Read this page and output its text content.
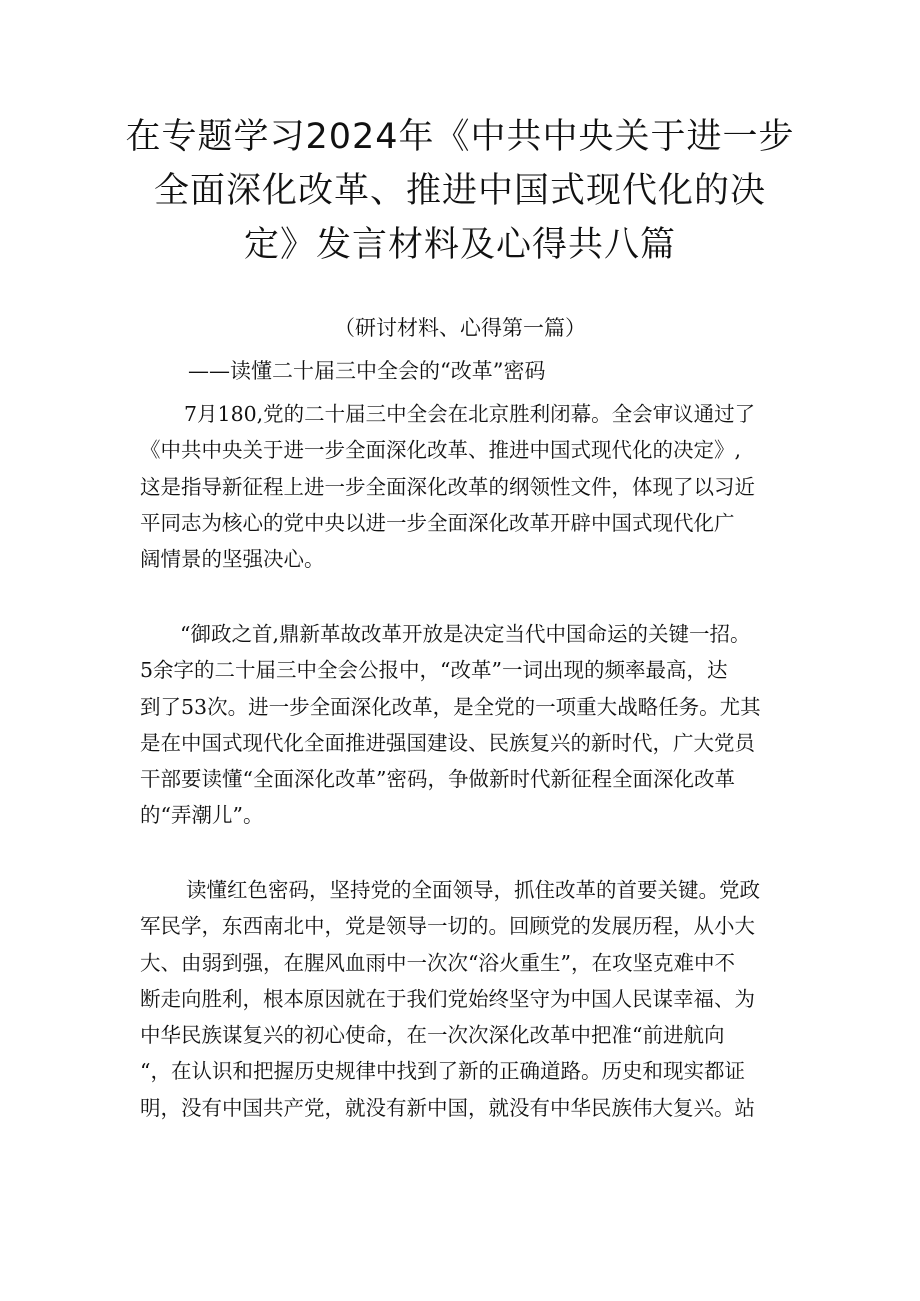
在专题学习2024年《中共中央关于进一步
全面深化改革、推进中国式现代化的决
定》发言材料及心得共八篇
（研讨材料、心得第一篇）
——读懂二十届三中全会的“改革”密码
7月180,党的二十届三中全会在北京胜利闭幕。全会审议通过了
《中共中央关于进一步全面深化改革、推进中国式现代化的决定》,
这是指导新征程上进一步全面深化改革的纲领性文件，体现了以习近
平同志为核心的党中央以进一步全面深化改革开辟中国式现代化广
阔情景的坚强决心。
“御政之首,鼎新革故改革开放是决定当代中国命运的关键一招。
5余字的二十届三中全会公报中，“改革”一词出现的频率最高，达
到了53次。进一步全面深化改革，是全党的一项重大战略任务。尤其
是在中国式现代化全面推进强国建设、民族复兴的新时代，广大党员
干部要读懂“全面深化改革”密码，争做新时代新征程全面深化改革
的“弄潮儿”。
读懂红色密码，坚持党的全面领导，抓住改革的首要关键。党政
军民学，东西南北中，党是领导一切的。回顾党的发展历程，从小大
大、由弱到强，在腥风血雨中一次次“浴火重生”，在攻坚克难中不
断走向胜利，根本原因就在于我们党始终坚守为中国人民谋幸福、为
中华民族谋复兴的初心使命，在一次次深化改革中把准“前进航向
“，在认识和把握历史规律中找到了新的正确道路。历史和现实都证
明，没有中国共产党，就没有新中国，就没有中华民族伟大复兴。站
